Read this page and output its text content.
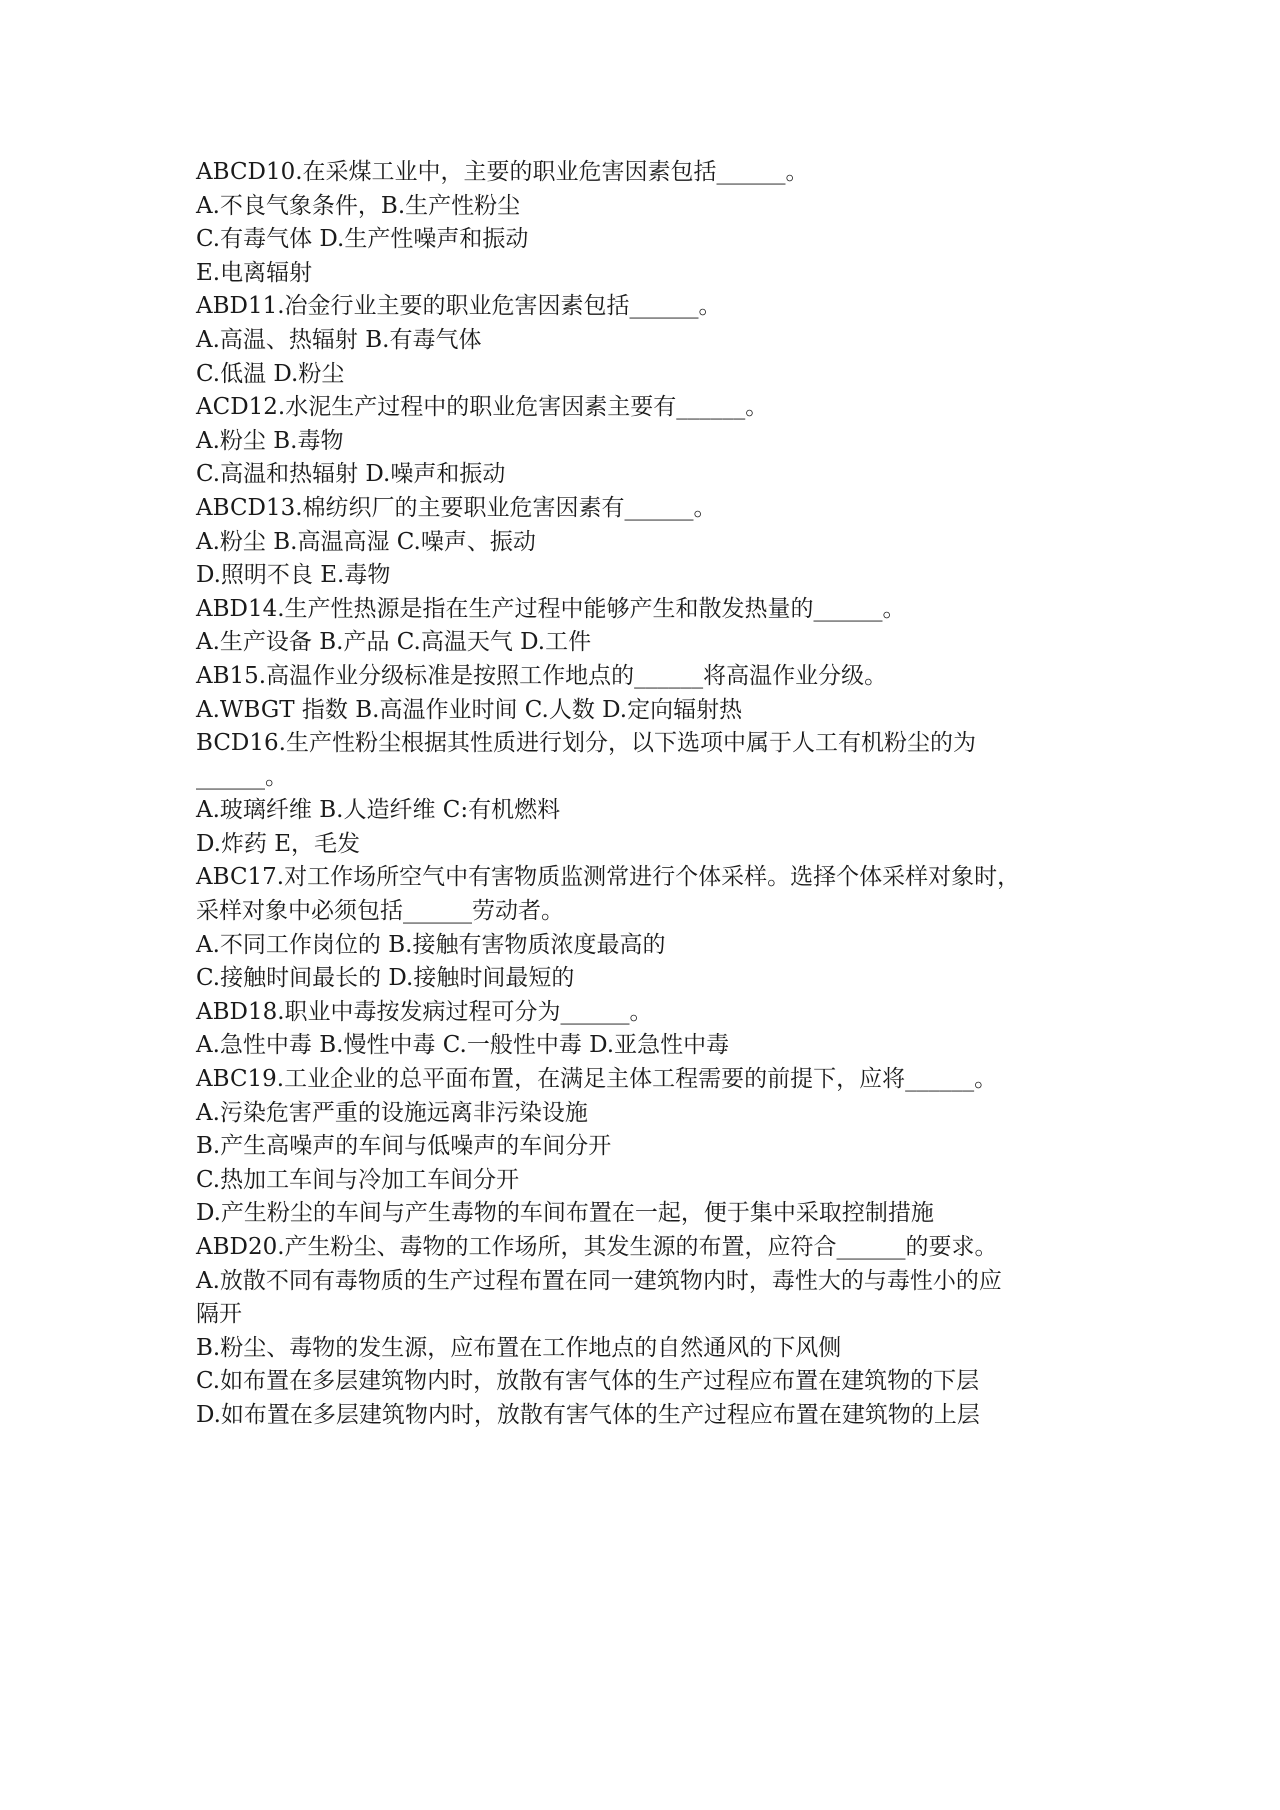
ABCD10.在采煤工业中，主要的职业危害因素包括______。
A.不良气象条件，B.生产性粉尘
C.有毒气体 D.生产性噪声和振动
E.电离辐射
ABD11.冶金行业主要的职业危害因素包括______。
A.高温、热辐射 B.有毒气体
C.低温 D.粉尘
ACD12.水泥生产过程中的职业危害因素主要有______。
A.粉尘 B.毒物
C.高温和热辐射 D.噪声和振动
ABCD13.棉纺织厂的主要职业危害因素有______。
A.粉尘 B.高温高湿 C.噪声、振动
D.照明不良 E.毒物
ABD14.生产性热源是指在生产过程中能够产生和散发热量的______。
A.生产设备 B.产品 C.高温天气 D.工件
AB15.高温作业分级标准是按照工作地点的______将高温作业分级。
A.WBGT 指数 B.高温作业时间 C.人数 D.定向辐射热
BCD16.生产性粉尘根据其性质进行划分，以下选项中属于人工有机粉尘的为
______。
A.玻璃纤维 B.人造纤维 C:有机燃料
D.炸药 E，毛发
ABC17.对工作场所空气中有害物质监测常进行个体采样。选择个体采样对象时，
采样对象中必须包括______劳动者。
A.不同工作岗位的 B.接触有害物质浓度最高的
C.接触时间最长的 D.接触时间最短的
ABD18.职业中毒按发病过程可分为______。
A.急性中毒 B.慢性中毒 C.一般性中毒 D.亚急性中毒
ABC19.工业企业的总平面布置，在满足主体工程需要的前提下，应将______。
A.污染危害严重的设施远离非污染设施
B.产生高噪声的车间与低噪声的车间分开
C.热加工车间与冷加工车间分开
D.产生粉尘的车间与产生毒物的车间布置在一起，便于集中采取控制措施
ABD20.产生粉尘、毒物的工作场所，其发生源的布置，应符合______的要求。
A.放散不同有毒物质的生产过程布置在同一建筑物内时，毒性大的与毒性小的应
隔开
B.粉尘、毒物的发生源，应布置在工作地点的自然通风的下风侧
C.如布置在多层建筑物内时，放散有害气体的生产过程应布置在建筑物的下层
D.如布置在多层建筑物内时，放散有害气体的生产过程应布置在建筑物的上层
